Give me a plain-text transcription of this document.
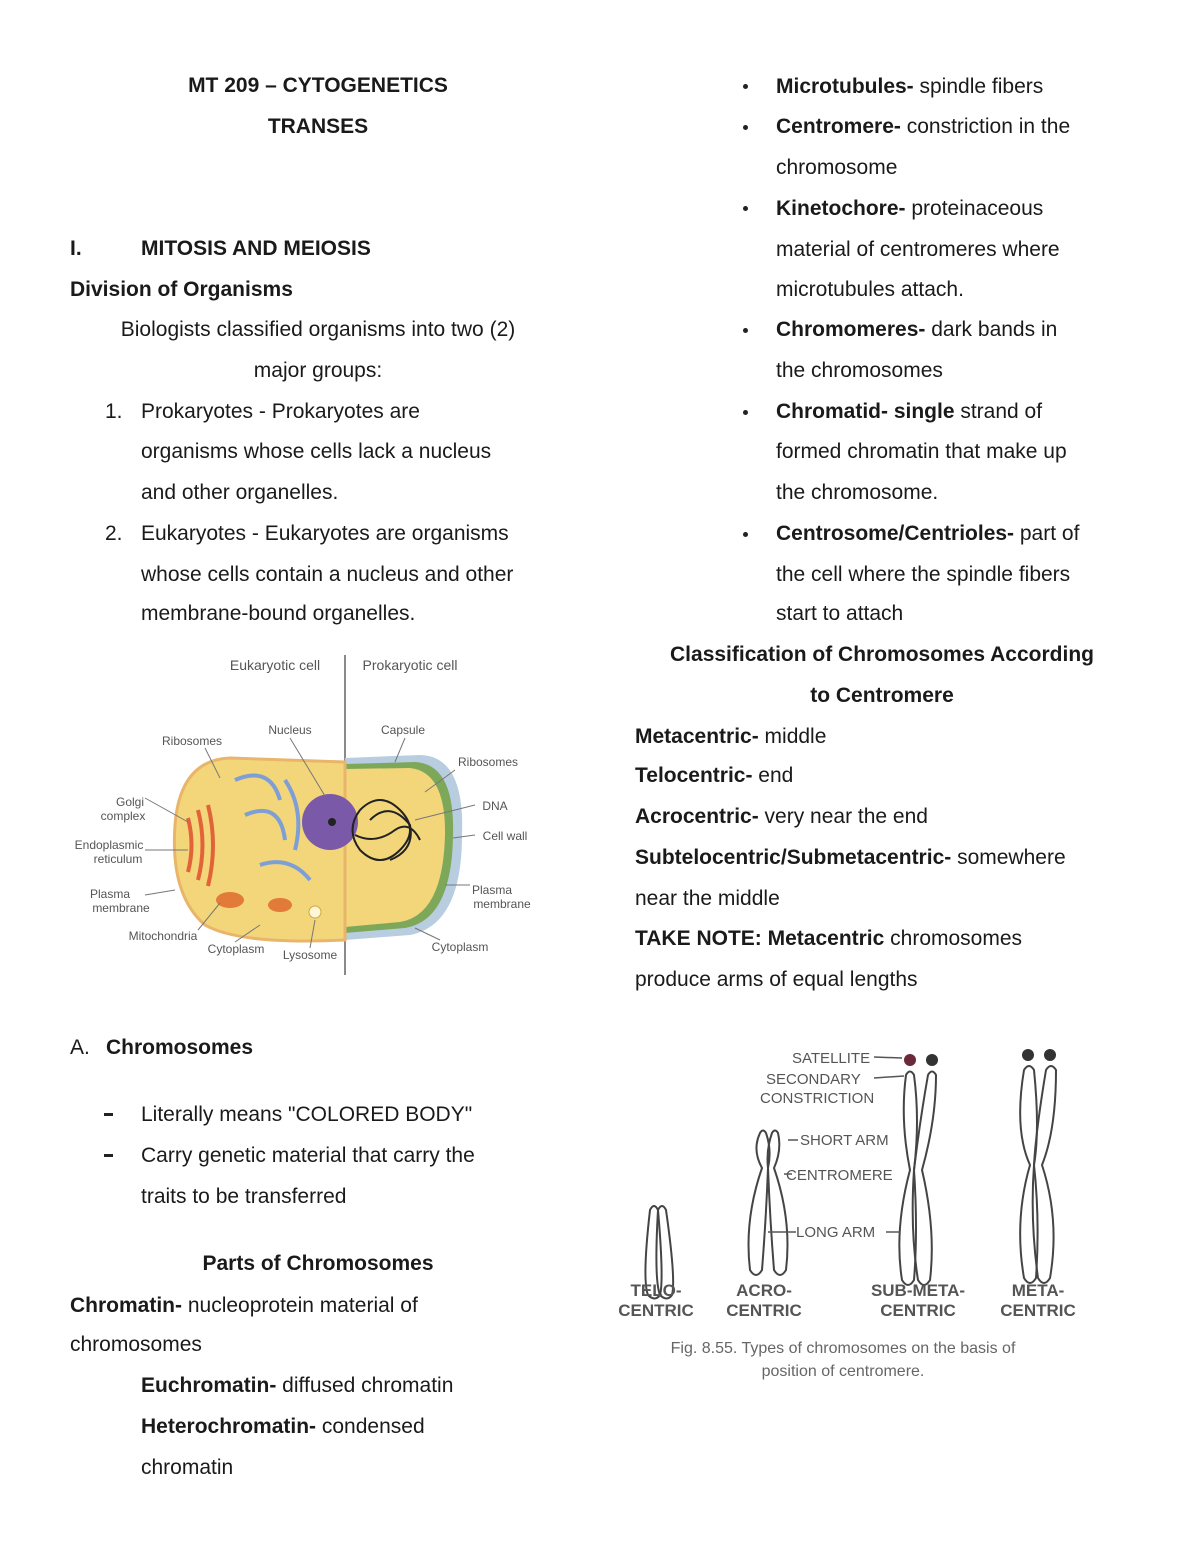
MT 209 – CYTOGENETICS
TRANSES
I.	MITOSIS AND MEIOSIS
Division of Organisms
Biologists classified organisms into two (2)
major groups:
1. Prokaryotes - Prokaryotes are
organisms whose cells lack a nucleus
and other organelles.
2. Eukaryotes - Eukaryotes are organisms
whose cells contain a nucleus and other
membrane-bound organelles.
Eukaryotic cell	Prokaryotic cell
Ribosomes
Nucleus	Capsule
Ribosomes
Golgi
complex
Endoplasmic
reticulum
DNA
Cell wall
Plasma
membrane
Plasma
membrane
Mitochondria
Cytoplasm Lysosome
Cytoplasm
A. Chromosomes
Literally means "COLORED BODY"
Carry genetic material that carry the
traits to be transferred
Parts of Chromosomes
Chromatin- nucleoprotein material of
chromosomes
Euchromatin- diffused chromatin
Heterochromatin- condensed
chromatin
Microtubules- spindle fibers
Centromere- constriction in the
chromosome
Kinetochore- proteinaceous
material of centromeres where
microtubules attach.
Chromomeres- dark bands in
the chromosomes
Chromatid- single strand of
formed chromatin that make up
the chromosome.
Centrosome/Centrioles- part of
the cell where the spindle fibers
start to attach
Classification of Chromosomes According
to Centromere
Metacentric- middle
Telocentric- end
Acrocentric- very near the end
Subtelocentric/Submetacentric- somewhere
near the middle
TAKE NOTE: Metacentric chromosomes
produce arms of equal lengths
SATELLITE
SECONDARY
CONSTRICTION
SHORT ARM
CENTROMERE
LONG ARM
TELO-
CENTRIC
ACRO-
CENTRIC
SUB-META-
CENTRIC
META-
CENTRIC
Fig. 8.55. Types of chromosomes on the basis of
position of centromere.
